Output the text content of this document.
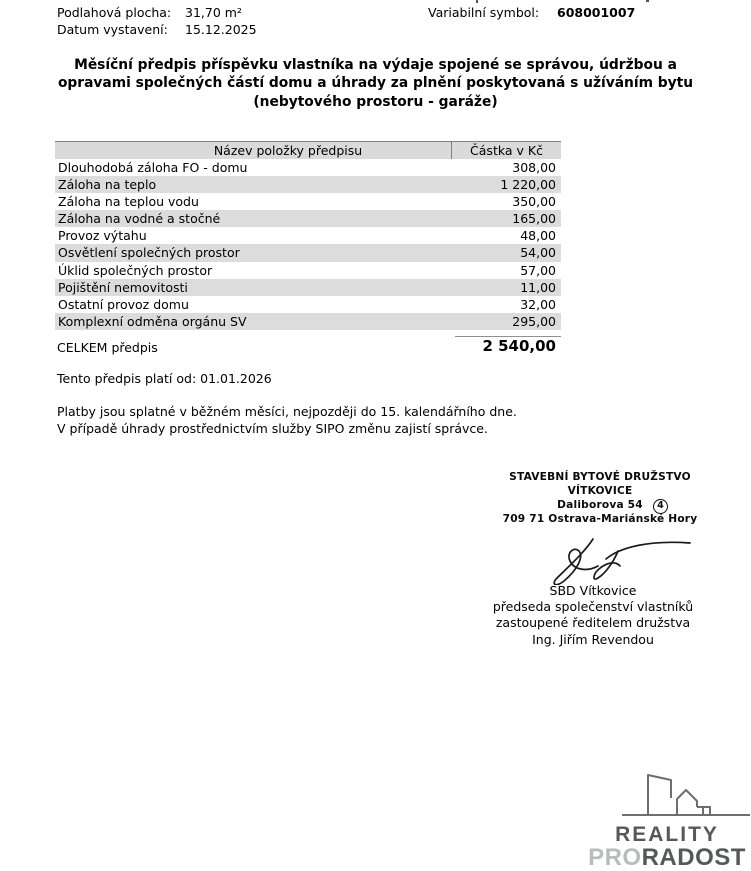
Podlahová plocha: 31,70 m²
Datum vystavení: 15.12.2025
Variabilní symbol: 608001007
Měsíční předpis příspěvku vlastníka na výdaje spojené se správou, údržbou a
opravami společných částí domu a úhrady za plnění poskytovaná s užíváním bytu
(nebytového prostoru - garáže)
Název položky předpisu	Částka v Kč
Dlouhodobá záloha FO - domu	308,00
Záloha na teplo	1 220,00
Záloha na teplou vodu	350,00
Záloha na vodné a stočné	165,00
Provoz výtahu	48,00
Osvětlení společných prostor	54,00
Úklid společných prostor	57,00
Pojištění nemovitosti	11,00
Ostatní provoz domu	32,00
Komplexní odměna orgánu SV	295,00
CELKEM předpis	2 540,00
Tento předpis platí od: 01.01.2026
Platby jsou splatné v běžném měsíci, nejpozději do 15. kalendářního dne.
V případě úhrady prostřednictvím služby SIPO změnu zajistí správce.
STAVEBNÍ BYTOVÉ DRUŽSTVO
VÍTKOVICE
Daliborova 54
709 71 Ostrava-Mariánské Hory
4
SBD Vítkovice
předseda společenství vlastníků
zastoupené ředitelem družstva
Ing. Jiřím Revendou
REALITY
PRORADOST
